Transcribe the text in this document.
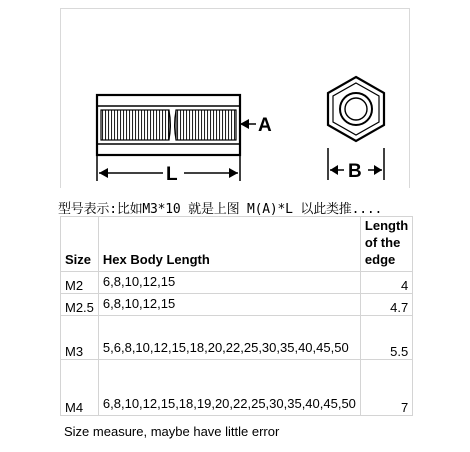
A
L	B
型号表示:比如M3*10 就是上图 M(A)*L 以此类推....
Size	Hex Body Length	Length of the edge
M2	6,8,10,12,15	4
M2.5	6,8,10,12,15	4.7
M3	5,6,8,10,12,15,18,20,22,25,30,35,40,45,50	5.5
M4	6,8,10,12,15,18,19,20,22,25,30,35,40,45,50	7
Size measure, maybe have little error
